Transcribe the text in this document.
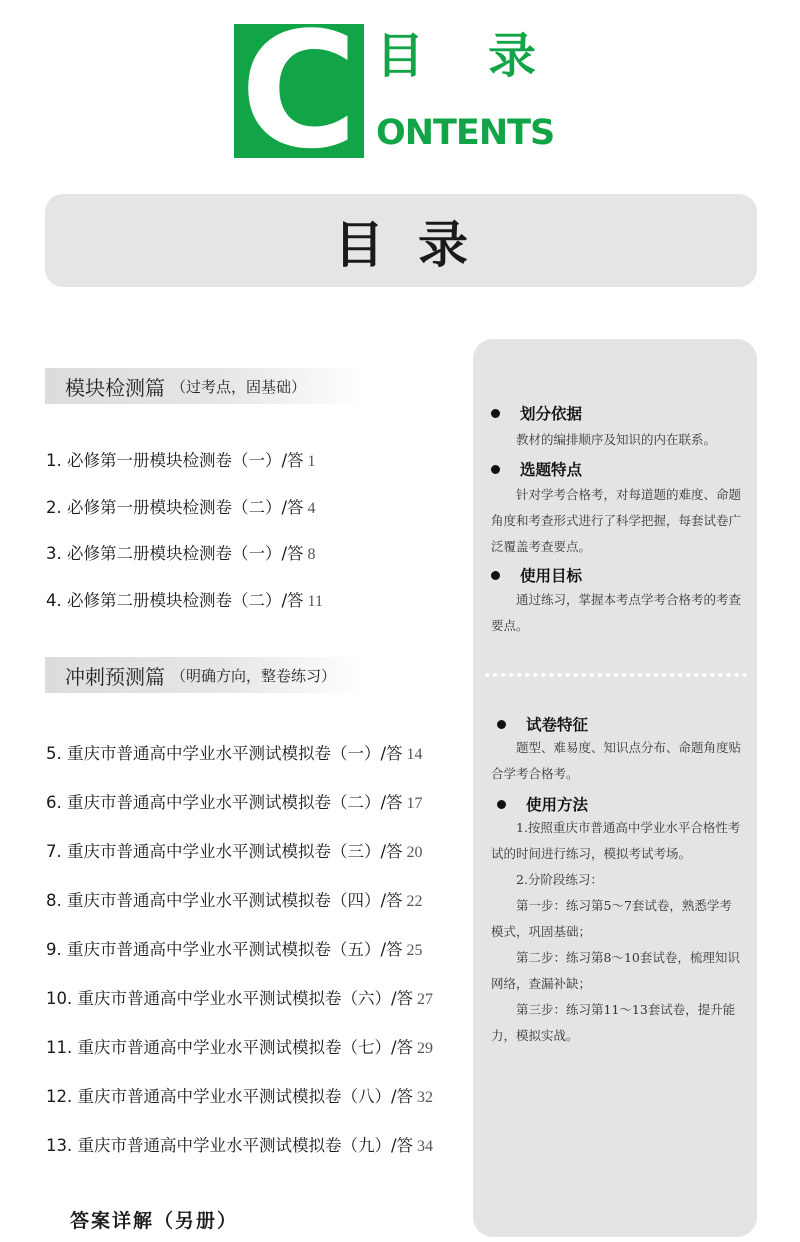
C 目录
ONTENTS
目录
模块检测篇 （过考点，固基础）
1. 必修第一册模块检测卷（一）/答 1
2. 必修第一册模块检测卷（二）/答 4
3. 必修第二册模块检测卷（一）/答 8
4. 必修第二册模块检测卷（二）/答 11
冲刺预测篇 （明确方向，整卷练习）
5. 重庆市普通高中学业水平测试模拟卷（一）/答 14
6. 重庆市普通高中学业水平测试模拟卷（二）/答 17
7. 重庆市普通高中学业水平测试模拟卷（三）/答 20
8. 重庆市普通高中学业水平测试模拟卷（四）/答 22
9. 重庆市普通高中学业水平测试模拟卷（五）/答 25
10. 重庆市普通高中学业水平测试模拟卷（六）/答 27
11. 重庆市普通高中学业水平测试模拟卷（七）/答 29
12. 重庆市普通高中学业水平测试模拟卷（八）/答 32
13. 重庆市普通高中学业水平测试模拟卷（九）/答 34
答案详解（另册）
划分依据

教材的编排顺序及知识的内在联系。

选题特点

针对学考合格考，对每道题的难度、命题角度和考查形式进行了科学把握，每套试卷广泛覆盖考查要点。

使用目标

通过练习，掌握本考点学考合格考的考查要点。

试卷特征

题型、难易度、知识点分布、命题角度贴合学考合格考。

使用方法

1.按照重庆市普通高中学业水平合格性考试的时间进行练习，模拟考试考场。

2.分阶段练习：

第一步：练习第5～7套试卷，熟悉学考模式，巩固基础；

第二步：练习第8～10套试卷，梳理知识网络，查漏补缺；

第三步：练习第11～13套试卷，提升能力，模拟实战。
